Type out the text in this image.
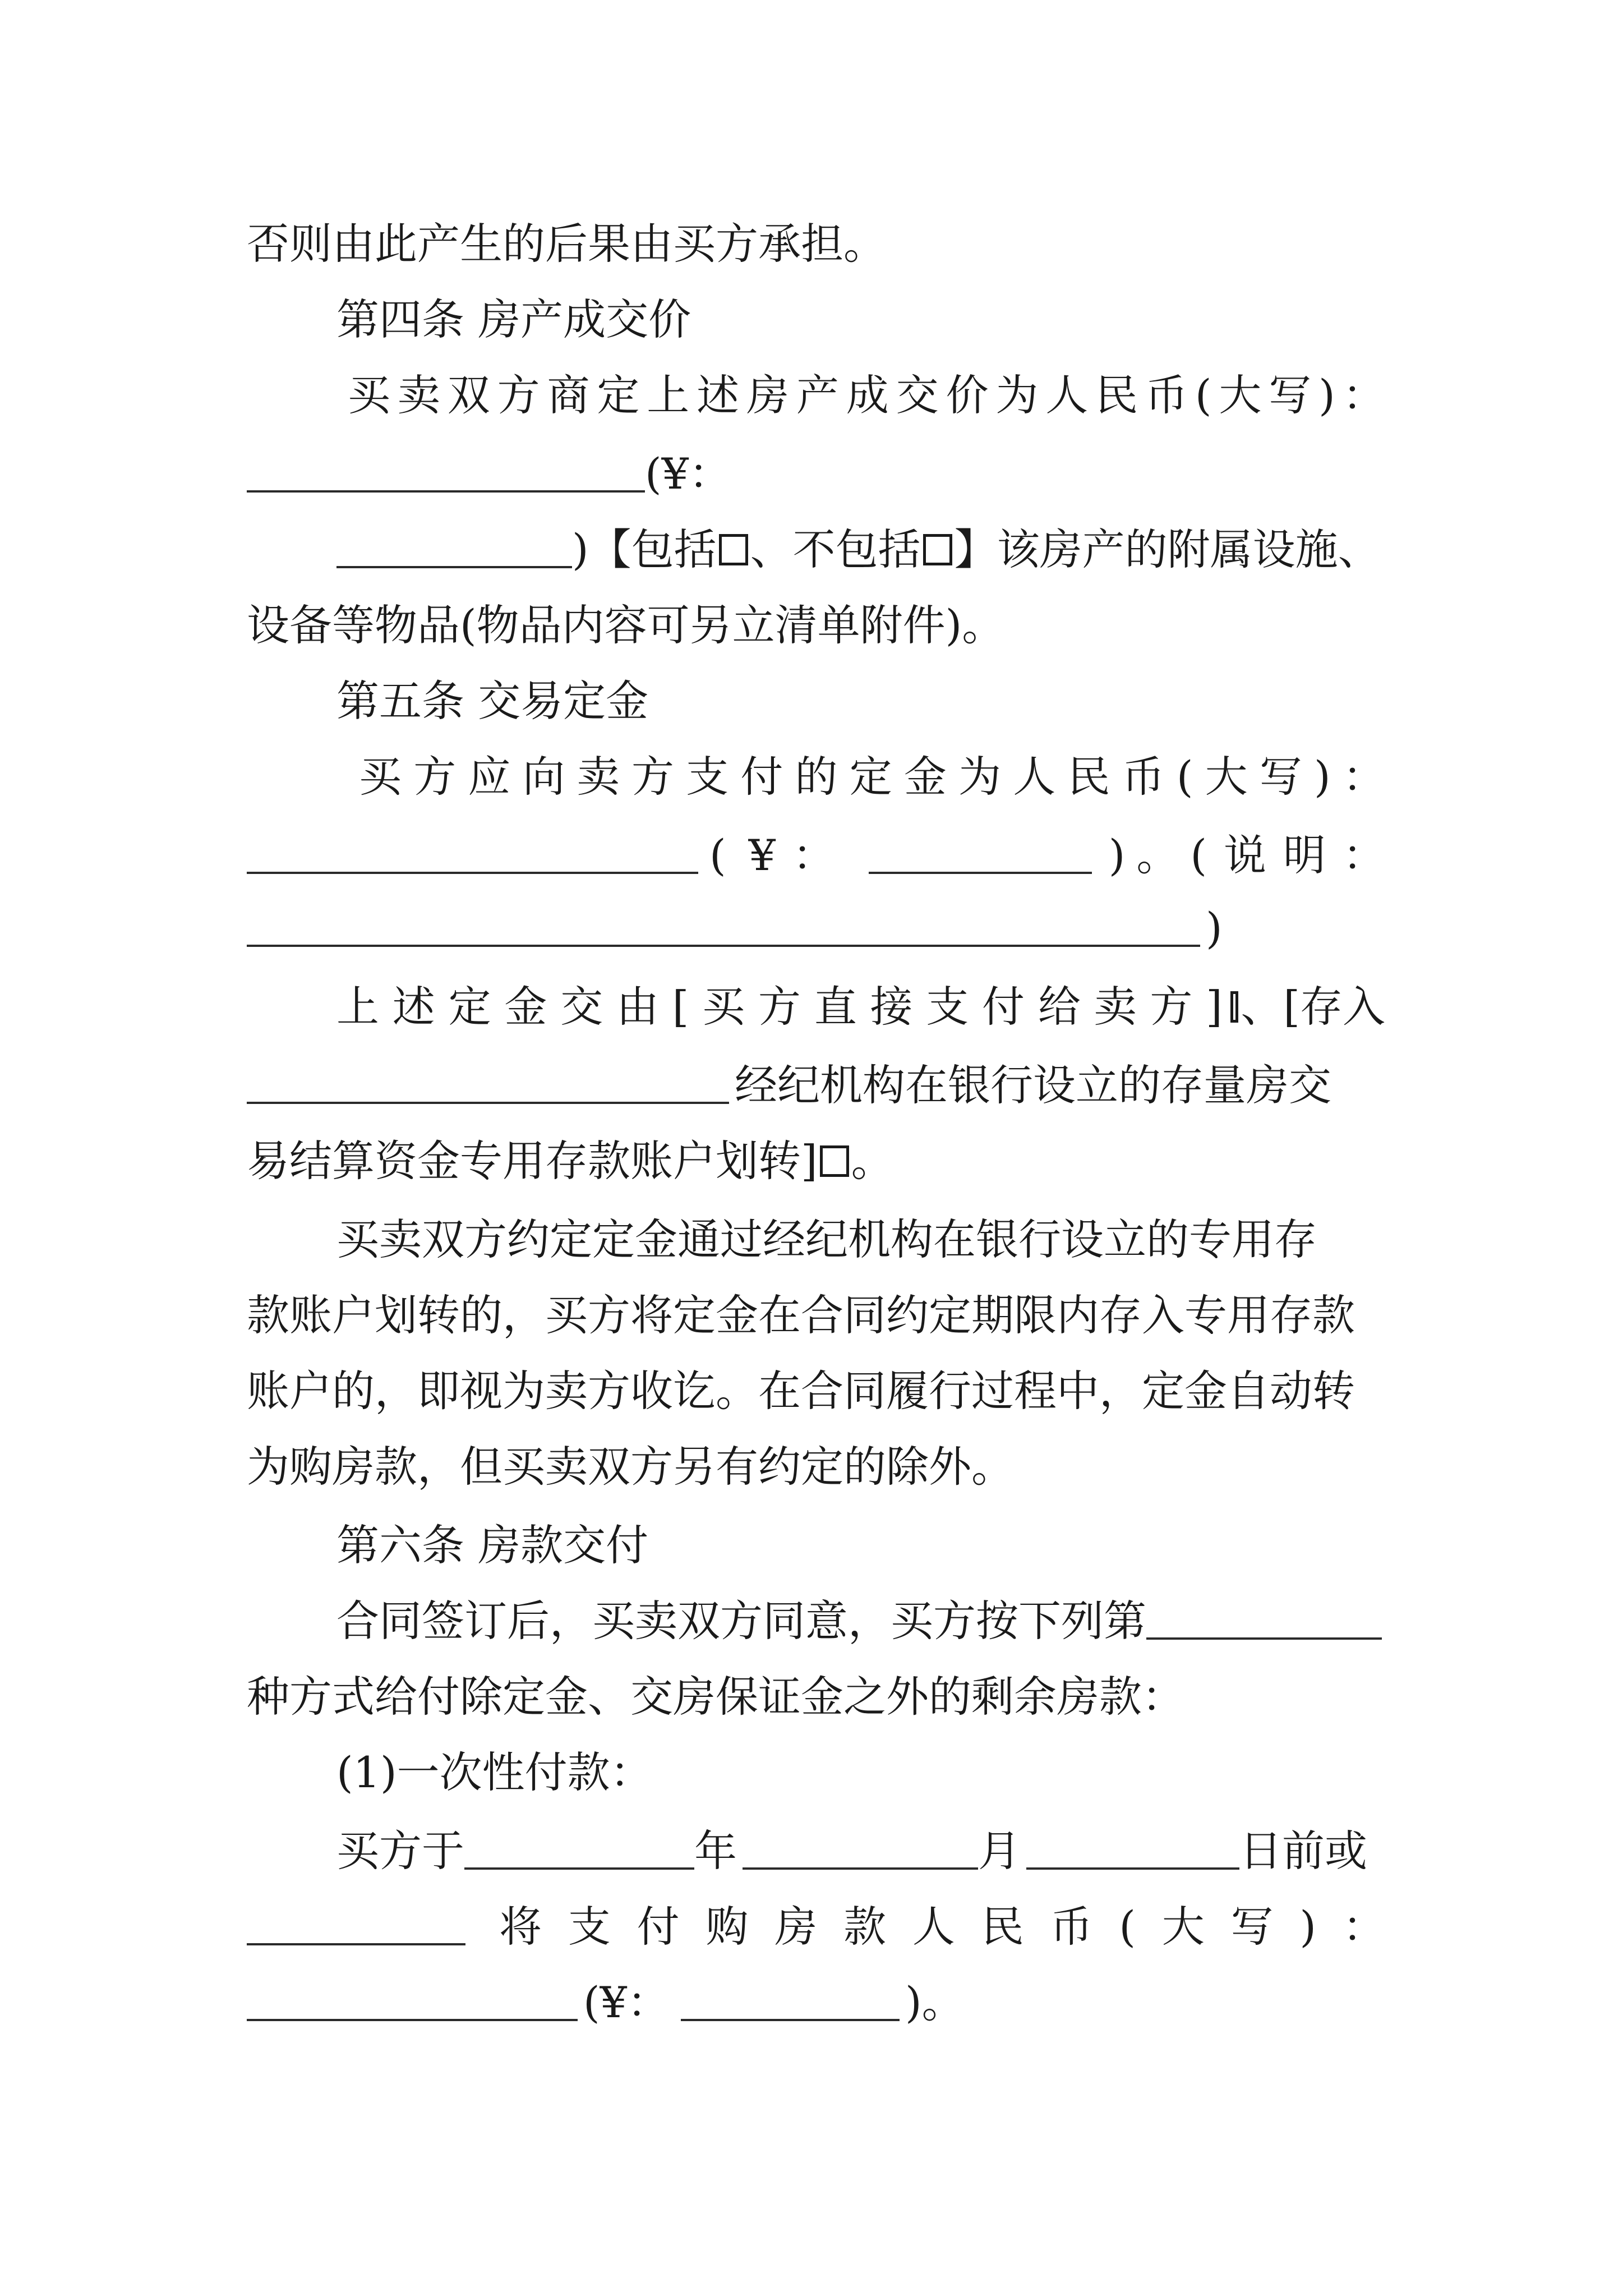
否则由此产生的后果由买方承担。
第四条 房产成交价
买 卖 双 方 商 定 上 述 房 产 成 交 价 为 人 民 币 ( 大 写 ) ：
(¥：
)【包括 、不包括 】该房产的附属设施、
设备等物品(物品内容可另立清单附件)。
第五条 交易定金
买 方 应 向 卖 方 支 付 的 定 金 为 人 民 币 ( 大 写 ) ：
( ¥ ：	) 。 ( 说 明 ：
)
上 述 定 金 交 由 [ 买 方 直 接 支 付 给 卖 方 ] 、[存入
经纪机构在银行设立的存量房交
易结算资金专用存款账户划转] 。
买卖双方约定定金通过经纪机构在银行设立的专用存
款账户划转的，买方将定金在合同约定期限内存入专用存款
账户的，即视为卖方收讫。在合同履行过程中，定金自动转
为购房款，但买卖双方另有约定的除外。
第六条 房款交付
合同签订后，买卖双方同意，买方按下列第
种方式给付除定金、交房保证金之外的剩余房款：
(1)一次性付款：
买方于	年	月	日前或
将 支 付 购 房 款 人 民 币 ( 大 写 ) ：
(¥：	)。
